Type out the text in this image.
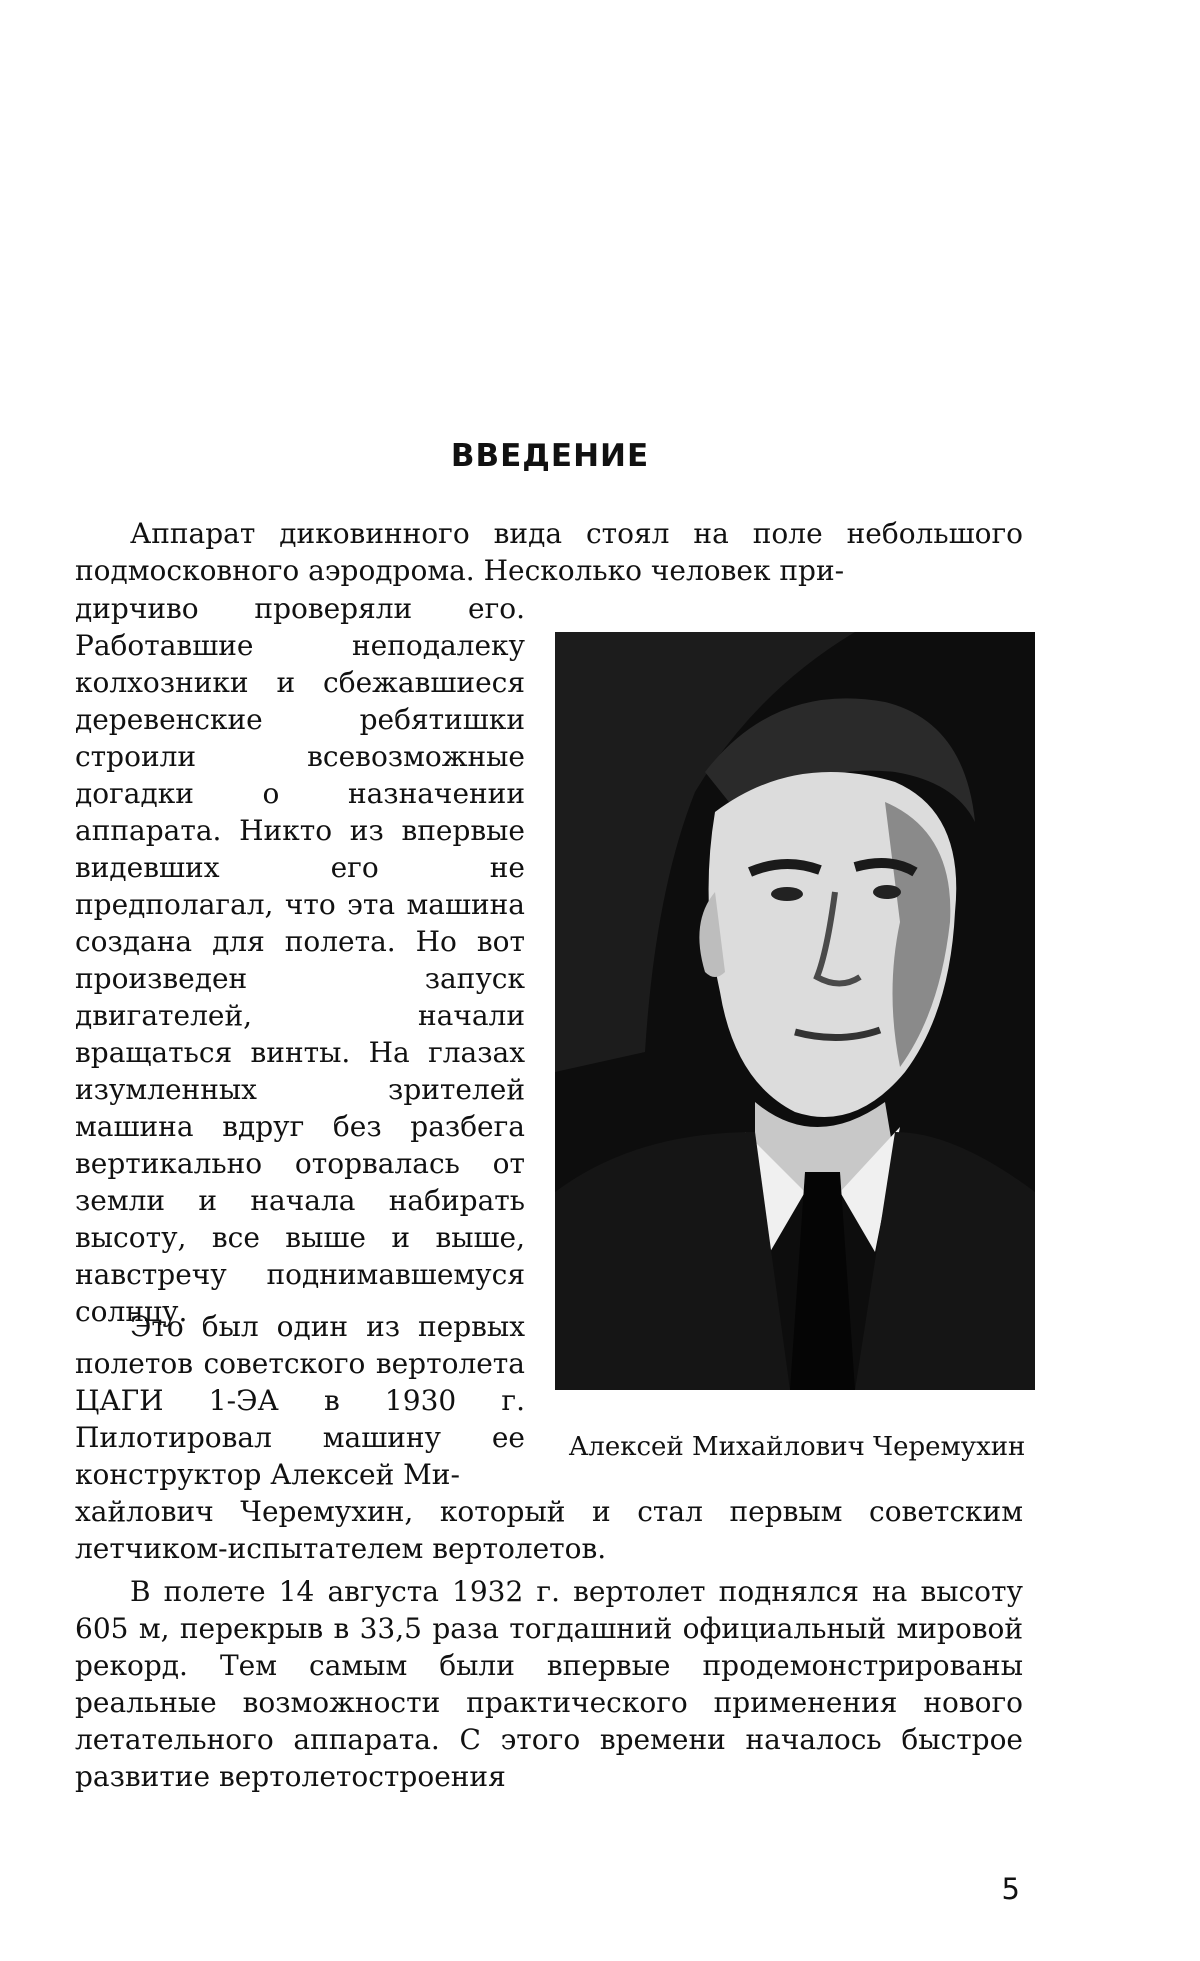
ВВЕДЕНИЕ

Аппарат диковинного вида стоял на поле небольшого подмосковного аэродрома. Несколько человек при-

дирчиво проверяли его. Работавшие неподалеку колхозники и сбежавшиеся деревенские ребятишки строили всевозможные догадки о назначении аппарата. Никто из впервые видевших его не предполагал, что эта машина создана для полета. Но вот произведен запуск двигателей, начали вращаться винты. На глазах изумленных зрителей машина вдруг без разбега вертикально оторвалась от земли и начала набирать высоту, все выше и выше, навстречу поднимавшемуся солнцу.

Это был один из первых полетов советского вертолета ЦАГИ 1-ЭА в 1930 г. Пилотировал машину ее конструктор Алексей Ми-

хайлович Черемухин, который и стал первым советским летчиком-испытателем вертолетов.

В полете 14 августа 1932 г. вертолет поднялся на высоту 605 м, перекрыв в 33,5 раза тогдашний официальный мировой рекорд. Тем самым были впервые продемонстрированы реальные возможности практического применения нового летательного аппарата. С этого времени началось быстрое развитие вертолетостроения

Алексей Михайлович Черемухин

5
